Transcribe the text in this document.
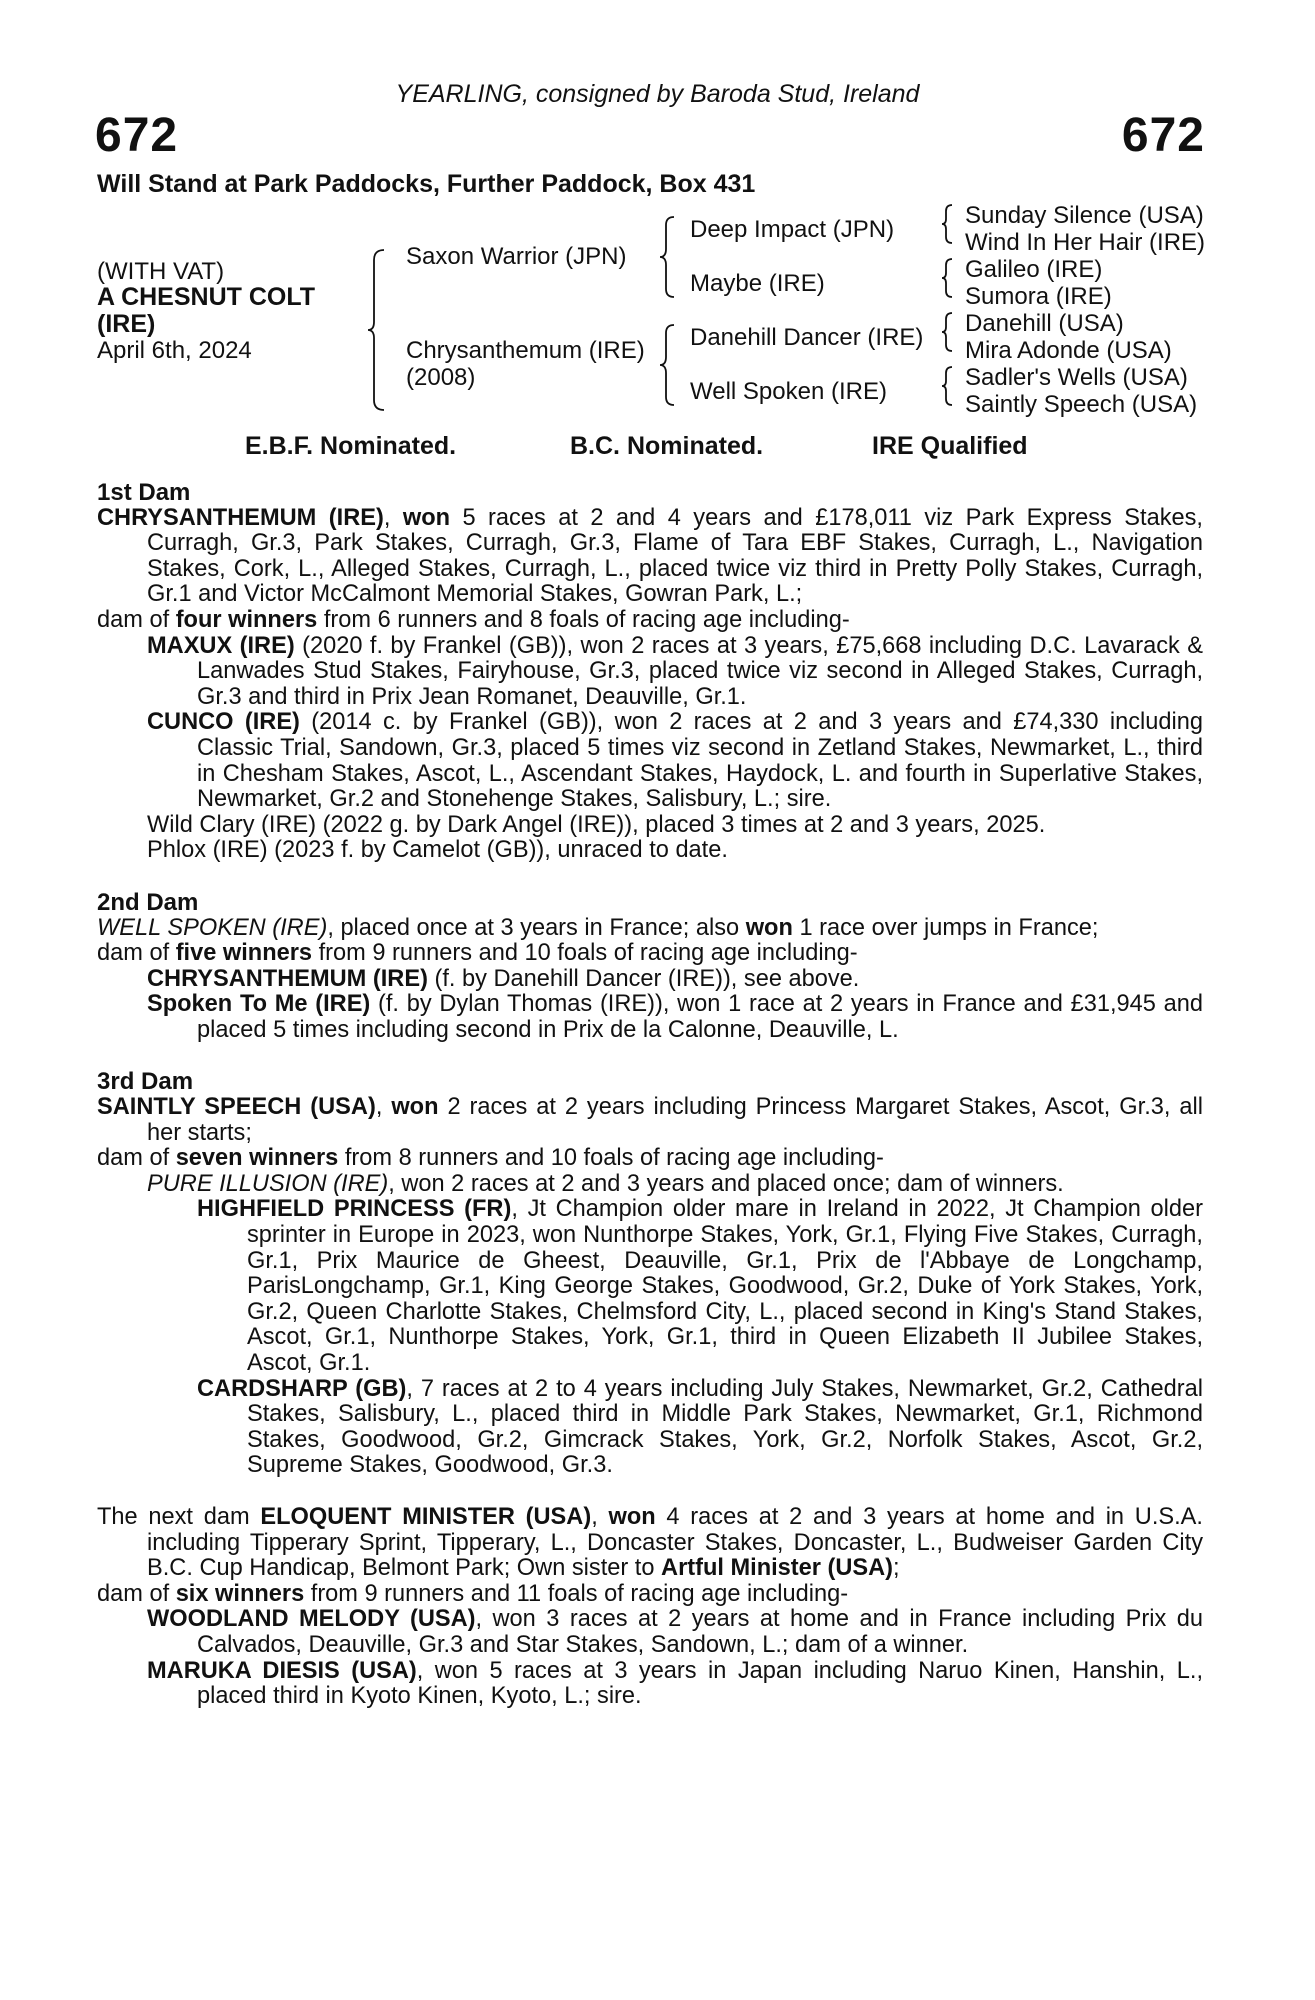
YEARLING, consigned by Baroda Stud, Ireland
672	672
Will Stand at Park Paddocks, Further Paddock, Box 431
(WITH VAT)
A CHESNUT COLT
(IRE)
April 6th, 2024
Saxon Warrior (JPN)
Chrysanthemum (IRE)
(2008)
Deep Impact (JPN)
Maybe (IRE)
Danehill Dancer (IRE)
Well Spoken (IRE)
Sunday Silence (USA)
Wind In Her Hair (IRE)
Galileo (IRE)
Sumora (IRE)
Danehill (USA)
Mira Adonde (USA)
Sadler's Wells (USA)
Saintly Speech (USA)
E.B.F. Nominated.	B.C. Nominated.	IRE Qualified
1st Dam

CHRYSANTHEMUM (IRE), won 5 races at 2 and 4 years and £178,011 viz Park Express Stakes, Curragh, Gr.3, Park Stakes, Curragh, Gr.3, Flame of Tara EBF Stakes, Curragh, L., Navigation Stakes, Cork, L., Alleged Stakes, Curragh, L., placed twice viz third in Pretty Polly Stakes, Curragh, Gr.1 and Victor McCalmont Memorial Stakes, Gowran Park, L.;

dam of four winners from 6 runners and 8 foals of racing age including-

MAXUX (IRE) (2020 f. by Frankel (GB)), won 2 races at 3 years, £75,668 including D.C. Lavarack & Lanwades Stud Stakes, Fairyhouse, Gr.3, placed twice viz second in Alleged Stakes, Curragh, Gr.3 and third in Prix Jean Romanet, Deauville, Gr.1.

CUNCO (IRE) (2014 c. by Frankel (GB)), won 2 races at 2 and 3 years and £74,330 including Classic Trial, Sandown, Gr.3, placed 5 times viz second in Zetland Stakes, Newmarket, L., third in Chesham Stakes, Ascot, L., Ascendant Stakes, Haydock, L. and fourth in Superlative Stakes, Newmarket, Gr.2 and Stonehenge Stakes, Salisbury, L.; sire.

Wild Clary (IRE) (2022 g. by Dark Angel (IRE)), placed 3 times at 2 and 3 years, 2025.

Phlox (IRE) (2023 f. by Camelot (GB)), unraced to date.

2nd Dam

WELL SPOKEN (IRE), placed once at 3 years in France; also won 1 race over jumps in France;

dam of five winners from 9 runners and 10 foals of racing age including-

CHRYSANTHEMUM (IRE) (f. by Danehill Dancer (IRE)), see above.

Spoken To Me (IRE) (f. by Dylan Thomas (IRE)), won 1 race at 2 years in France and £31,945 and placed 5 times including second in Prix de la Calonne, Deauville, L.

3rd Dam

SAINTLY SPEECH (USA), won 2 races at 2 years including Princess Margaret Stakes, Ascot, Gr.3, all her starts;

dam of seven winners from 8 runners and 10 foals of racing age including-

PURE ILLUSION (IRE), won 2 races at 2 and 3 years and placed once; dam of winners.

HIGHFIELD PRINCESS (FR), Jt Champion older mare in Ireland in 2022, Jt Champion older sprinter in Europe in 2023, won Nunthorpe Stakes, York, Gr.1, Flying Five Stakes, Curragh, Gr.1, Prix Maurice de Gheest, Deauville, Gr.1, Prix de l'Abbaye de Longchamp, ParisLongchamp, Gr.1, King George Stakes, Goodwood, Gr.2, Duke of York Stakes, York, Gr.2, Queen Charlotte Stakes, Chelmsford City, L., placed second in King's Stand Stakes, Ascot, Gr.1, Nunthorpe Stakes, York, Gr.1, third in Queen Elizabeth II Jubilee Stakes, Ascot, Gr.1.

CARDSHARP (GB), 7 races at 2 to 4 years including July Stakes, Newmarket, Gr.2, Cathedral Stakes, Salisbury, L., placed third in Middle Park Stakes, Newmarket, Gr.1, Richmond Stakes, Goodwood, Gr.2, Gimcrack Stakes, York, Gr.2, Norfolk Stakes, Ascot, Gr.2, Supreme Stakes, Goodwood, Gr.3.

The next dam ELOQUENT MINISTER (USA), won 4 races at 2 and 3 years at home and in U.S.A. including Tipperary Sprint, Tipperary, L., Doncaster Stakes, Doncaster, L., Budweiser Garden City B.C. Cup Handicap, Belmont Park; Own sister to Artful Minister (USA);

dam of six winners from 9 runners and 11 foals of racing age including-

WOODLAND MELODY (USA), won 3 races at 2 years at home and in France including Prix du Calvados, Deauville, Gr.3 and Star Stakes, Sandown, L.; dam of a winner.

MARUKA DIESIS (USA), won 5 races at 3 years in Japan including Naruo Kinen, Hanshin, L., placed third in Kyoto Kinen, Kyoto, L.; sire.
